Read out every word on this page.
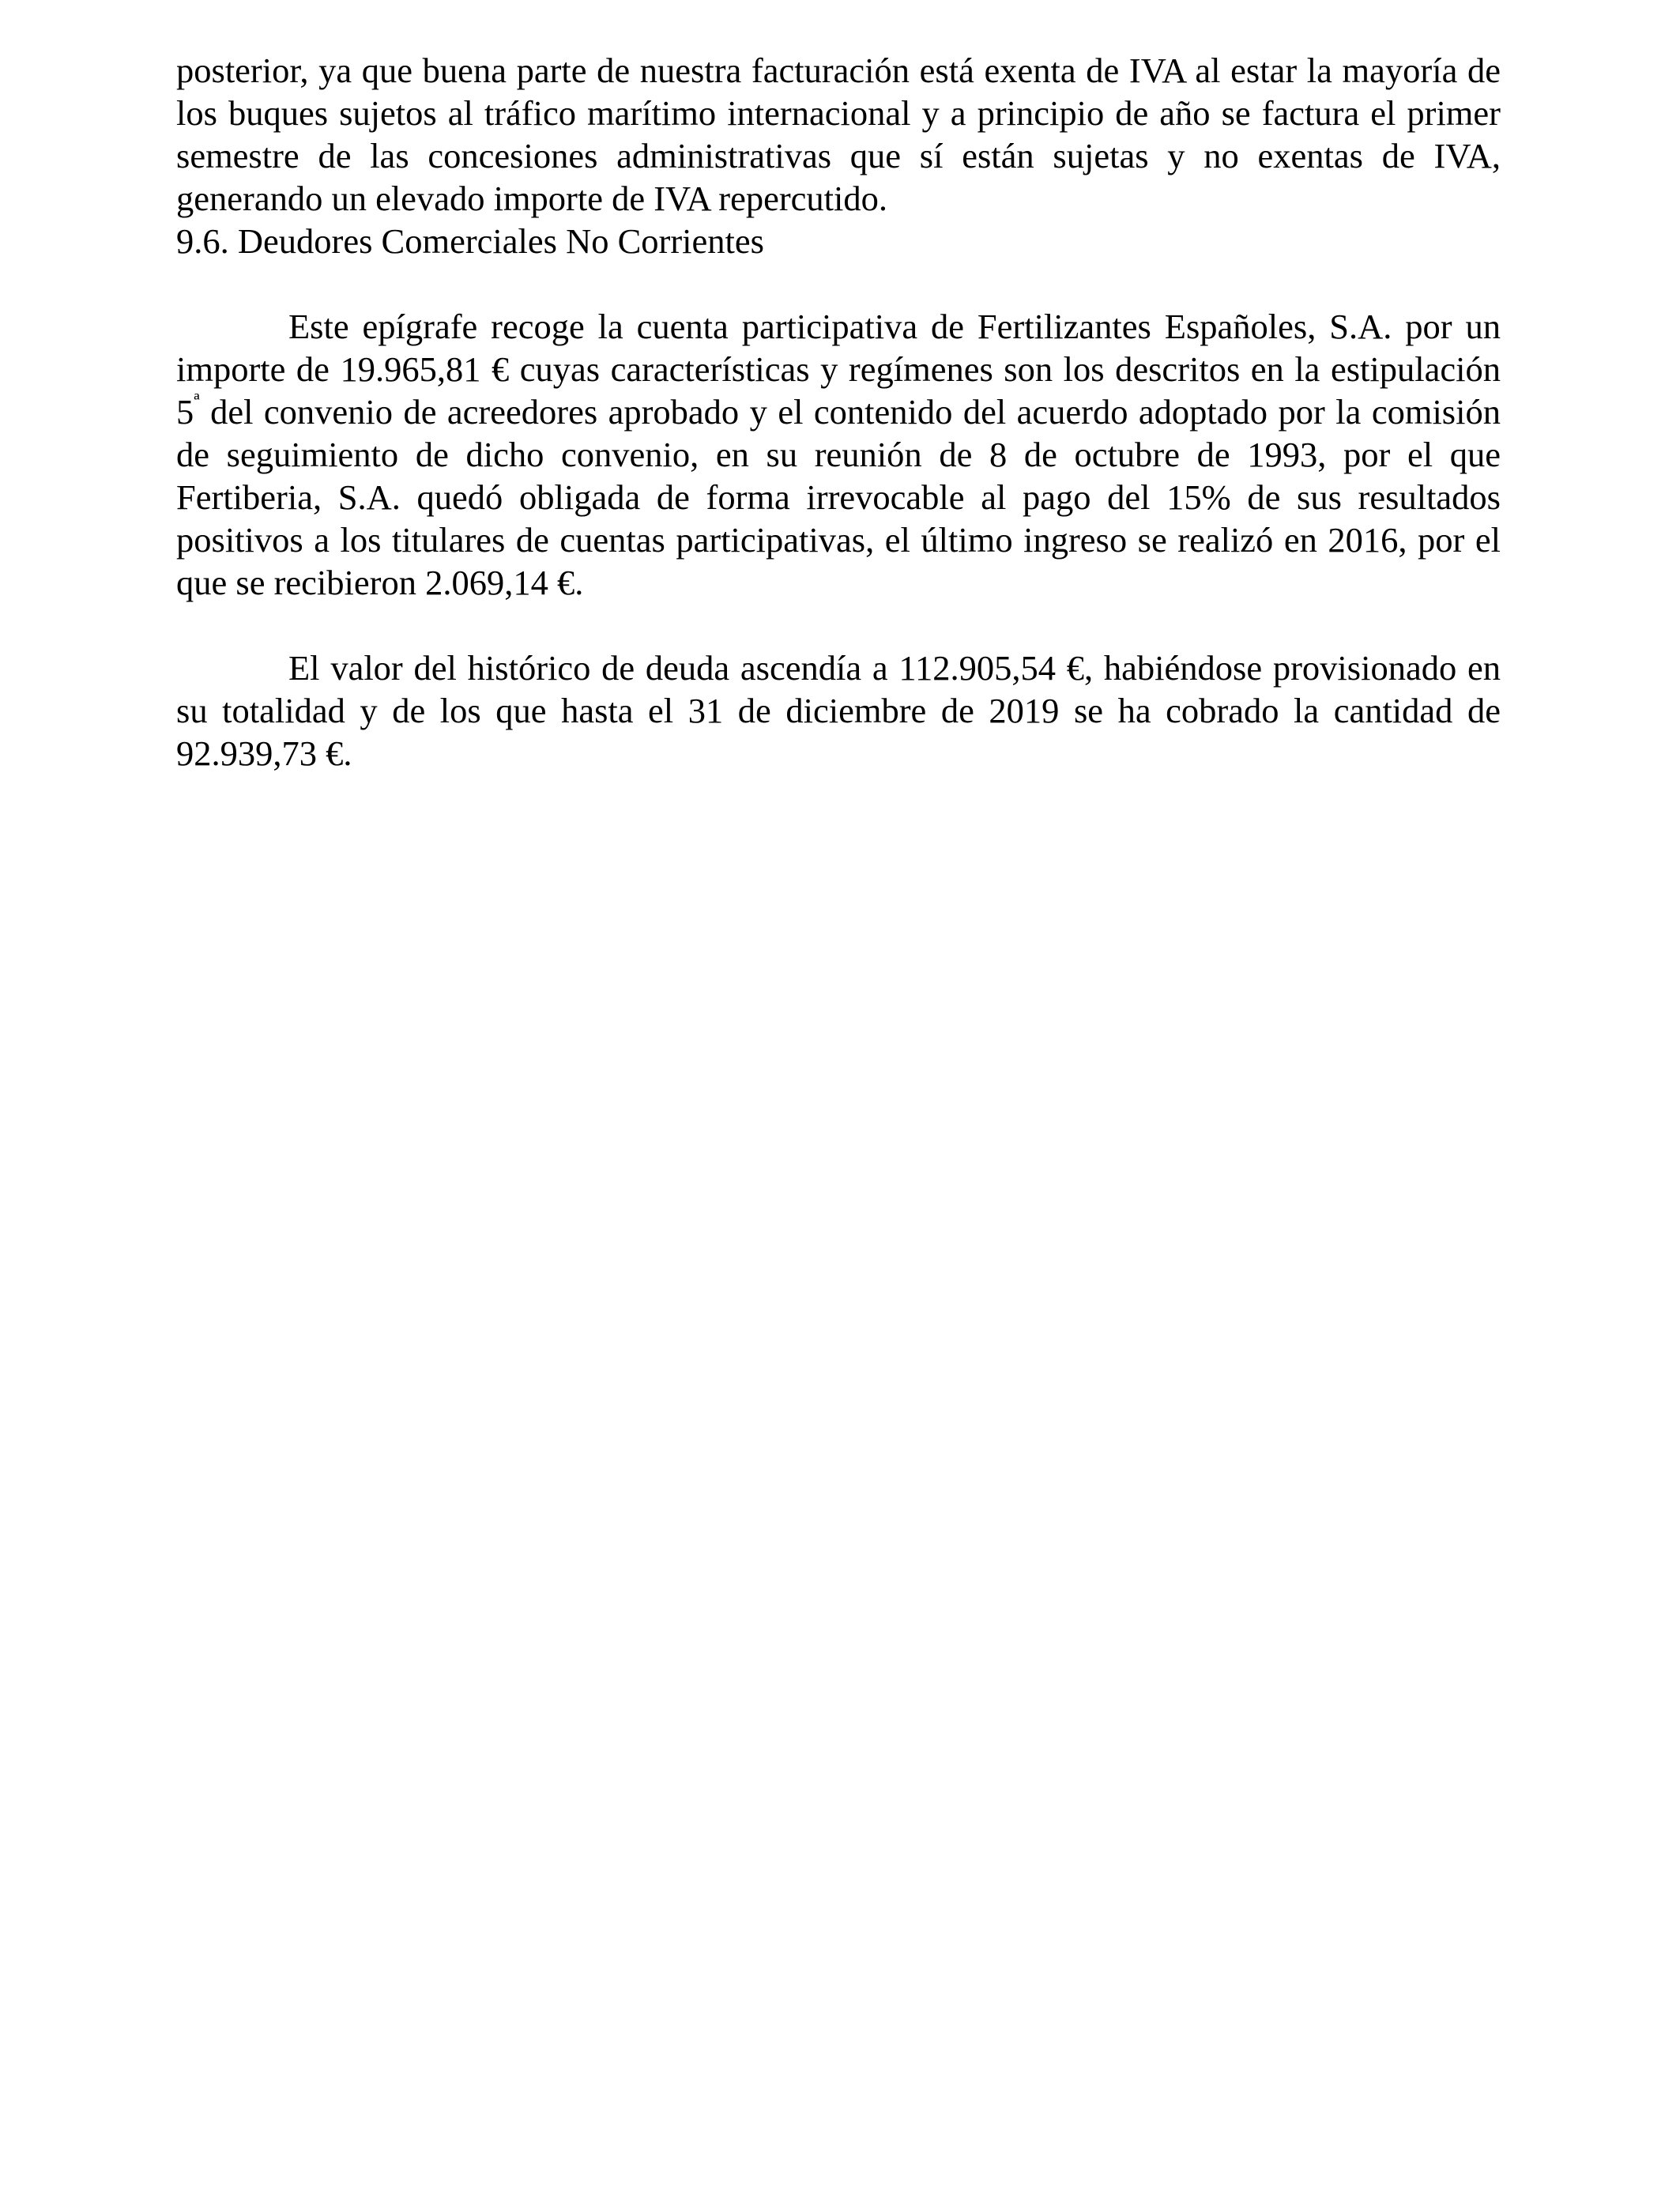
posterior, ya que buena parte de nuestra facturación está exenta de IVA al estar la mayoría de los buques sujetos al tráfico marítimo internacional y a principio de año se factura el primer semestre de las concesiones administrativas que sí están sujetas y no exentas de IVA, generando un elevado importe de IVA repercutido.

9.6. Deudores Comerciales No Corrientes

Este epígrafe recoge la cuenta participativa de Fertilizantes Españoles, S.A. por un importe de 19.965,81 € cuyas características y regímenes son los descritos en la estipulación $5^ª$ del convenio de acreedores aprobado y el contenido del acuerdo adoptado por la comisión de seguimiento de dicho convenio, en su reunión de 8 de octubre de 1993, por el que Fertiberia, S.A. quedó obligada de forma irrevocable al pago del 15% de sus resultados positivos a los titulares de cuentas participativas, el último ingreso se realizó en 2016, por el que se recibieron 2.069,14 €.

El valor del histórico de deuda ascendía a 112.905,54 €, habiéndose provisionado en su totalidad y de los que hasta el 31 de diciembre de 2019 se ha cobrado la cantidad de 92.939,73 €.
